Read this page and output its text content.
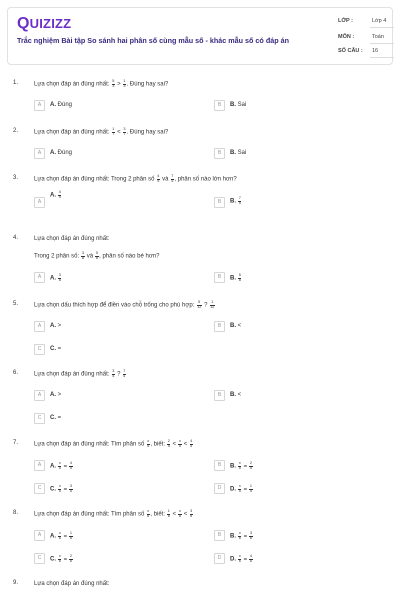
QUIZIZZ
Trắc nghiệm Bài tập So sánh hai phân số cùng mẫu số - khác mẫu số có đáp án
LỚP :	Lớp 4
MÔN :	Toán
SỐ CÂU : 16
1.	Lựa chọn đáp án đúng nhất: $\frac{5}{3} > \frac{1}{3}$ . Đúng hay sai?
A	A. Đúng	B	B. Sai
2.	Lựa chọn đáp án đúng nhất: $\frac{1}{7} < \frac{3}{7}$ . Đúng hay sai?
A	A. Đúng	B	B. Sai
3.	Lựa chọn đáp án đúng nhất: Trong 2 phân số $\frac{4}{5}$ và $\frac{7}{5}$ , phân số nào lớn hơn?
A
A. $\frac{4}{5}$
B	B. $\frac{7}{5}$
4.	Lựa chọn đáp án đúng nhất:
Trong 2 phân số: $\frac{3}{8}$ và $\frac{5}{8}$ , phân số nào bé hơn?
A	A. $\frac{3}{8}$	B	B. $\frac{5}{8}$
5.	Lựa chọn dấu thích hợp để điền vào chỗ trống cho phù hợp: $\frac{5}{12}$ ? $\frac{1}{12}$
A	A. >	B	B. <
C	C. =
6.	Lựa chọn đáp án đúng nhất: $\frac{3}{4}$ ? $\frac{7}{4}$
A	A. >	B	B. <
C	C. =
7.	Lựa chọn đáp án đúng nhất: Tìm phân số $\frac{x}{5}$ , biết: $\frac{2}{5} < \frac{x}{5} < \frac{4}{5}$
A	A. $\frac{x}{5} = \frac{4}{5}$	B	B. $\frac{x}{5} = \frac{2}{5}$
C	C. $\frac{x}{5} = \frac{3}{5}$	D	D. $\frac{x}{5} = \frac{1}{5}$
8.	Lựa chọn đáp án đúng nhất: Tìm phân số $\frac{x}{6}$ , biết: $\frac{1}{6} < \frac{x}{6} < \frac{3}{6}$
A	A. $\frac{x}{6} = \frac{1}{6}$	B	B. $\frac{x}{6} = \frac{3}{6}$
C	C. $\frac{x}{6} = \frac{2}{6}$	D	D. $\frac{x}{6} = \frac{4}{6}$
9.	Lựa chọn đáp án đúng nhất:
